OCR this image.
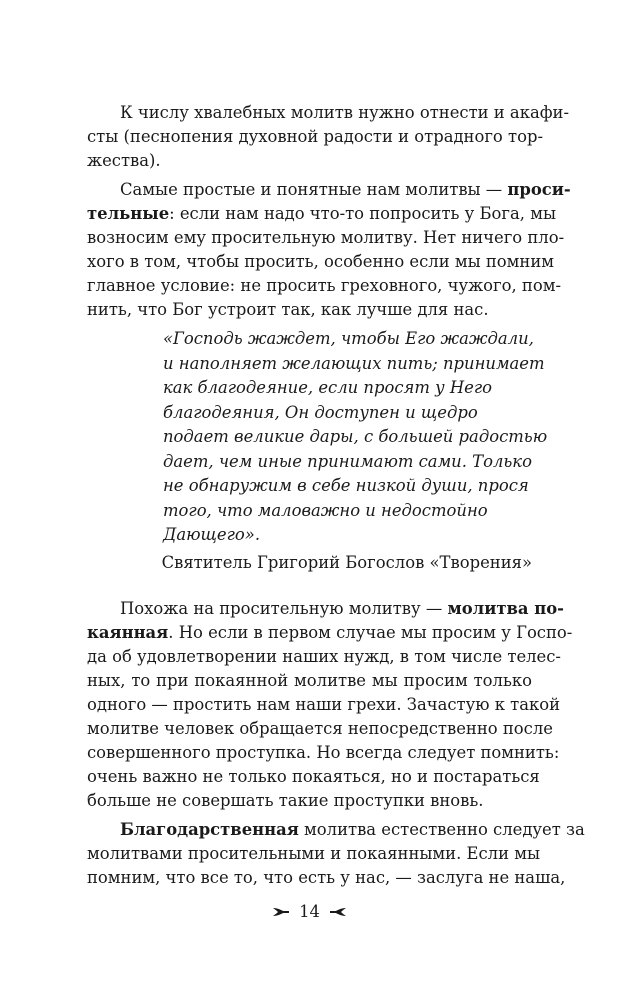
К числу хвалебных молитв нужно отнести и акафи-
сты (песнопения духовной радости и отрадного тор-
жества).
Самые простые и понятные нам молитвы — проси-
тельные: если нам надо что-то попросить у Бога, мы
возносим ему просительную молитву. Нет ничего пло-
хого в том, чтобы просить, особенно если мы помним
главное условие: не просить греховного, чужого, пом-
нить, что Бог устроит так, как лучше для нас.
«Господь жаждет, чтобы Его жаждали,
и наполняет желающих пить; принимает
как благодеяние, если просят у Него
благодеяния, Он доступен и щедро
подает великие дары, с большей радостью
дает, чем иные принимают сами. Только
не обнаружим в себе низкой души, прося
того, что маловажно и недостойно
Дающего».
Святитель Григорий Богослов «Творения»
Похожа на просительную молитву — молитва по-
каянная. Но если в первом случае мы просим у Госпо-
да об удовлетворении наших нужд, в том числе телес-
ных, то при покаянной молитве мы просим только
одного — простить нам наши грехи. Зачастую к такой
молитве человек обращается непосредственно после
совершенного проступка. Но всегда следует помнить:
очень важно не только покаяться, но и постараться
больше не совершать такие проступки вновь.
Благодарственная молитва естественно следует за
молитвами просительными и покаянными. Если мы
помним, что все то, что есть у нас, — заслуга не наша,
14
